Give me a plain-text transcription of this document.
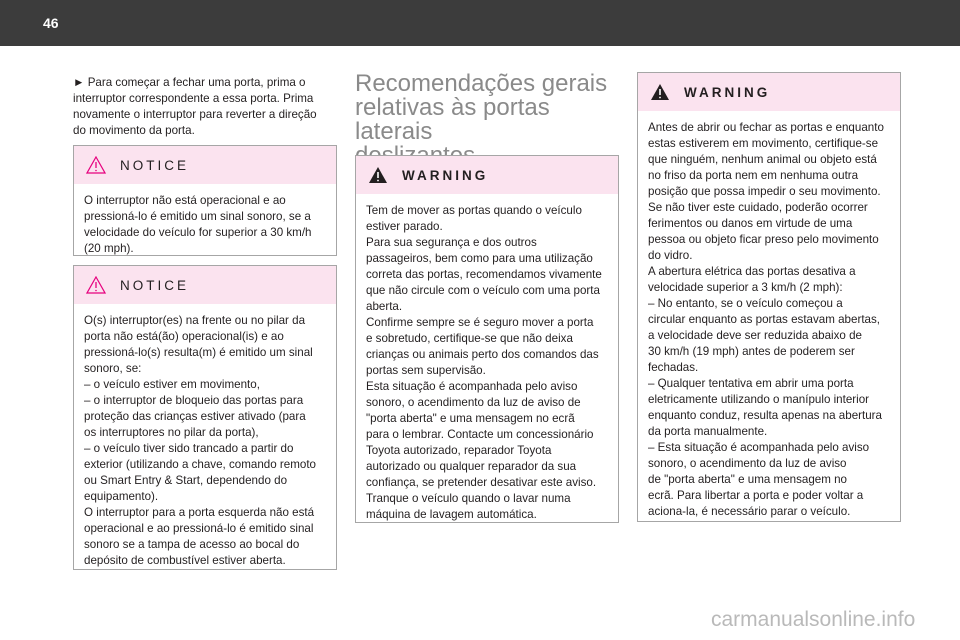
46

► Para começar a fechar uma porta, prima o
interruptor correspondente a essa porta. Prima
novamente o interruptor para reverter a direção
do movimento da porta.

NOTICE
O interruptor não está operacional e ao
pressioná-lo é emitido um sinal sonoro, se a
velocidade do veículo for superior a 30 km/h
(20 mph).
NOTICE
O(s) interruptor(es) na frente ou no pilar da
porta não está(ão) operacional(is) e ao
pressioná-lo(s) resulta(m) é emitido um sinal
sonoro, se:
– o veículo estiver em movimento,
– o interruptor de bloqueio das portas para
proteção das crianças estiver ativado (para
os interruptores no pilar da porta),
– o veículo tiver sido trancado a partir do
exterior (utilizando a chave, comando remoto
ou Smart Entry & Start, dependendo do
equipamento).
O interruptor para a porta esquerda não está
operacional e ao pressioná-lo é emitido sinal
sonoro se a tampa de acesso ao bocal do
depósito de combustível estiver aberta.
Recomendações gerais
relativas às portas laterais

WARNING
Tem de mover as portas quando o veículo
estiver parado.
Para sua segurança e dos outros
passageiros, bem como para uma utilização
correta das portas, recomendamos vivamente
que não circule com o veículo com uma porta
aberta.
Confirme sempre se é seguro mover a porta
e sobretudo, certifique-se que não deixa
crianças ou animais perto dos comandos das
portas sem supervisão.
Esta situação é acompanhada pelo aviso
sonoro, o acendimento da luz de aviso de
"porta aberta" e uma mensagem no ecrã
para o lembrar. Contacte um concessionário
Toyota autorizado, reparador Toyota
autorizado ou qualquer reparador da sua
confiança, se pretender desativar este aviso.
Tranque o veículo quando o lavar numa
máquina de lavagem automática.
WARNING
Antes de abrir ou fechar as portas e enquanto
estas estiverem em movimento, certifique-se
que ninguém, nenhum animal ou objeto está
no friso da porta nem em nenhuma outra
posição que possa impedir o seu movimento.
Se não tiver este cuidado, poderão ocorrer
ferimentos ou danos em virtude de uma
pessoa ou objeto ficar preso pelo movimento
do vidro.
A abertura elétrica das portas desativa a
velocidade superior a 3 km/h (2 mph):
– No entanto, se o veículo começou a
circular enquanto as portas estavam abertas,
a velocidade deve ser reduzida abaixo de
30 km/h (19 mph) antes de poderem ser
fechadas.
– Qualquer tentativa em abrir uma porta
eletricamente utilizando o manípulo interior
enquanto conduz, resulta apenas na abertura
da porta manualmente.
– Esta situação é acompanhada pelo aviso
sonoro, o acendimento da luz de aviso
de "porta aberta" e uma mensagem no
ecrã. Para libertar a porta e poder voltar a
aciona-la, é necessário parar o veículo.
carmanualsonline.info
